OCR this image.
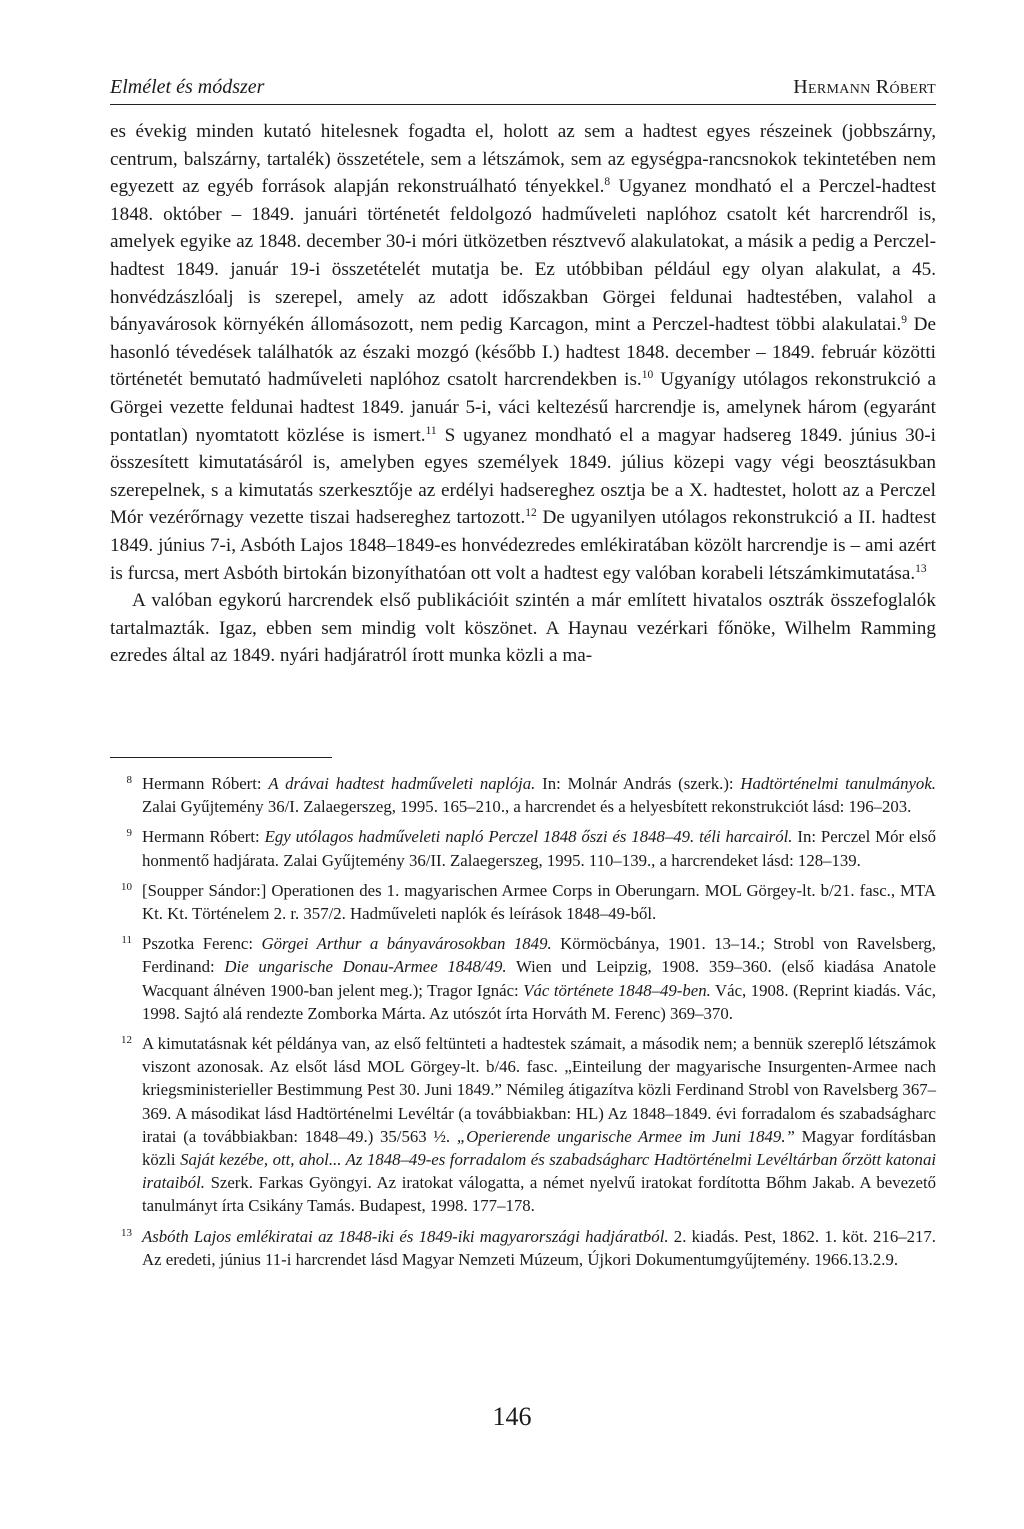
Elmélet és módszer	Hermann Róbert

es évekig minden kutató hitelesnek fogadta el, holott az sem a hadtest egyes részeinek (jobbszárny, centrum, balszárny, tartalék) összetétele, sem a létszámok, sem az egységpa-rancsnokok tekintetében nem egyezett az egyéb források alapján rekonstruálható tényekkel.$^8$ Ugyanez mondható el a Perczel-hadtest 1848. október – 1849. januári történetét feldolgozó hadműveleti naplóhoz csatolt két harcrendről is, amelyek egyike az 1848. december 30-i móri ütközetben résztvevő alakulatokat, a másik a pedig a Perczel-hadtest 1849. január 19-i összetételét mutatja be. Ez utóbbiban például egy olyan alakulat, a 45. honvédzászlóalj is szerepel, amely az adott időszakban Görgei feldunai hadtestében, valahol a bányavárosok környékén állomásozott, nem pedig Karcagon, mint a Perczel-hadtest többi alakulatai.$^9$ De hasonló tévedések találhatók az északi mozgó (később I.) hadtest 1848. december – 1849. február közötti történetét bemutató hadműveleti naplóhoz csatolt harcrendekben is.$^{10}$ Ugyanígy utólagos rekonstrukció a Görgei vezette feldunai hadtest 1849. január 5-i, váci keltezésű harcrendje is, amelynek három (egyaránt pontatlan) nyomtatott közlése is ismert.$^{11}$ S ugyanez mondható el a magyar hadsereg 1849. június 30-i összesített kimutatásáról is, amelyben egyes személyek 1849. július közepi vagy végi beosztásukban szerepelnek, s a kimutatás szerkesztője az erdélyi hadsereghez osztja be a X. hadtestet, holott az a Perczel Mór vezérőrnagy vezette tiszai hadsereghez tartozott.$^{12}$ De ugyanilyen utólagos rekonstrukció a II. hadtest 1849. június 7-i, Asbóth Lajos 1848–1849-es honvédezredes emlékiratában közölt harcrendje is – ami azért is furcsa, mert Asbóth birtokán bizonyíthatóan ott volt a hadtest egy valóban korabeli létszámkimutatása.$^{13}$

A valóban egykorú harcrendek első publikációit szintén a már említett hivatalos osztrák összefoglalók tartalmazták. Igaz, ebben sem mindig volt köszönet. A Haynau vezérkari főnöke, Wilhelm Ramming ezredes által az 1849. nyári hadjáratról írott munka közli a ma-

8 Hermann Róbert: A drávai hadtest hadműveleti naplója. In: Molnár András (szerk.): Hadtörténelmi tanulmányok. Zalai Gyűjtemény 36/I. Zalaegerszeg, 1995. 165–210., a harcrendet és a helyesbített rekonstrukciót lásd: 196–203.
9 Hermann Róbert: Egy utólagos hadműveleti napló Perczel 1848 őszi és 1848–49. téli harcairól. In: Perczel Mór első honmentő hadjárata. Zalai Gyűjtemény 36/II. Zalaegerszeg, 1995. 110–139., a harcrendeket lásd: 128–139.
10 [Soupper Sándor:] Operationen des 1. magyarischen Armee Corps in Oberungarn. MOL Görgey-lt. b/21. fasc., MTA Kt. Kt. Történelem 2. r. 357/2. Hadműveleti naplók és leírások 1848–49-ből.
11 Pszotka Ferenc: Görgei Arthur a bányavárosokban 1849. Körmöcbánya, 1901. 13–14.; Strobl von Ravelsberg, Ferdinand: Die ungarische Donau-Armee 1848/49. Wien und Leipzig, 1908. 359–360. (első kiadása Anatole Wacquant álnéven 1900-ban jelent meg.); Tragor Ignác: Vác története 1848–49-ben. Vác, 1908. (Reprint kiadás. Vác, 1998. Sajtó alá rendezte Zomborka Márta. Az utószót írta Horváth M. Ferenc) 369–370.
12 A kimutatásnak két példánya van, az első feltünteti a hadtestek számait, a második nem; a bennük szereplő létszámok viszont azonosak. Az elsőt lásd MOL Görgey-lt. b/46. fasc. „Einteilung der magyarische Insurgenten-Armee nach kriegsministerieller Bestimmung Pest 30. Juni 1849.” Némileg átigazítva közli Ferdinand Strobl von Ravelsberg 367–369. A másodikat lásd Hadtörténelmi Levéltár (a továbbiakban: HL) Az 1848–1849. évi forradalom és szabadságharc iratai (a továbbiakban: 1848–49.) 35/563 ½. „Operierende ungarische Armee im Juni 1849.” Magyar fordításban közli Saját kezébe, ott, ahol... Az 1848–49-es forradalom és szabadságharc Hadtörténelmi Levéltárban őrzött katonai irataiból. Szerk. Farkas Gyöngyi. Az iratokat válogatta, a német nyelvű iratokat fordította Bőhm Jakab. A bevezető tanulmányt írta Csikány Tamás. Budapest, 1998. 177–178.
13 Asbóth Lajos emlékiratai az 1848-iki és 1849-iki magyarországi hadjáratból. 2. kiadás. Pest, 1862. 1. köt. 216–217. Az eredeti, június 11-i harcrendet lásd Magyar Nemzeti Múzeum, Újkori Dokumentumgyűjtemény. 1966.13.2.9.
146
